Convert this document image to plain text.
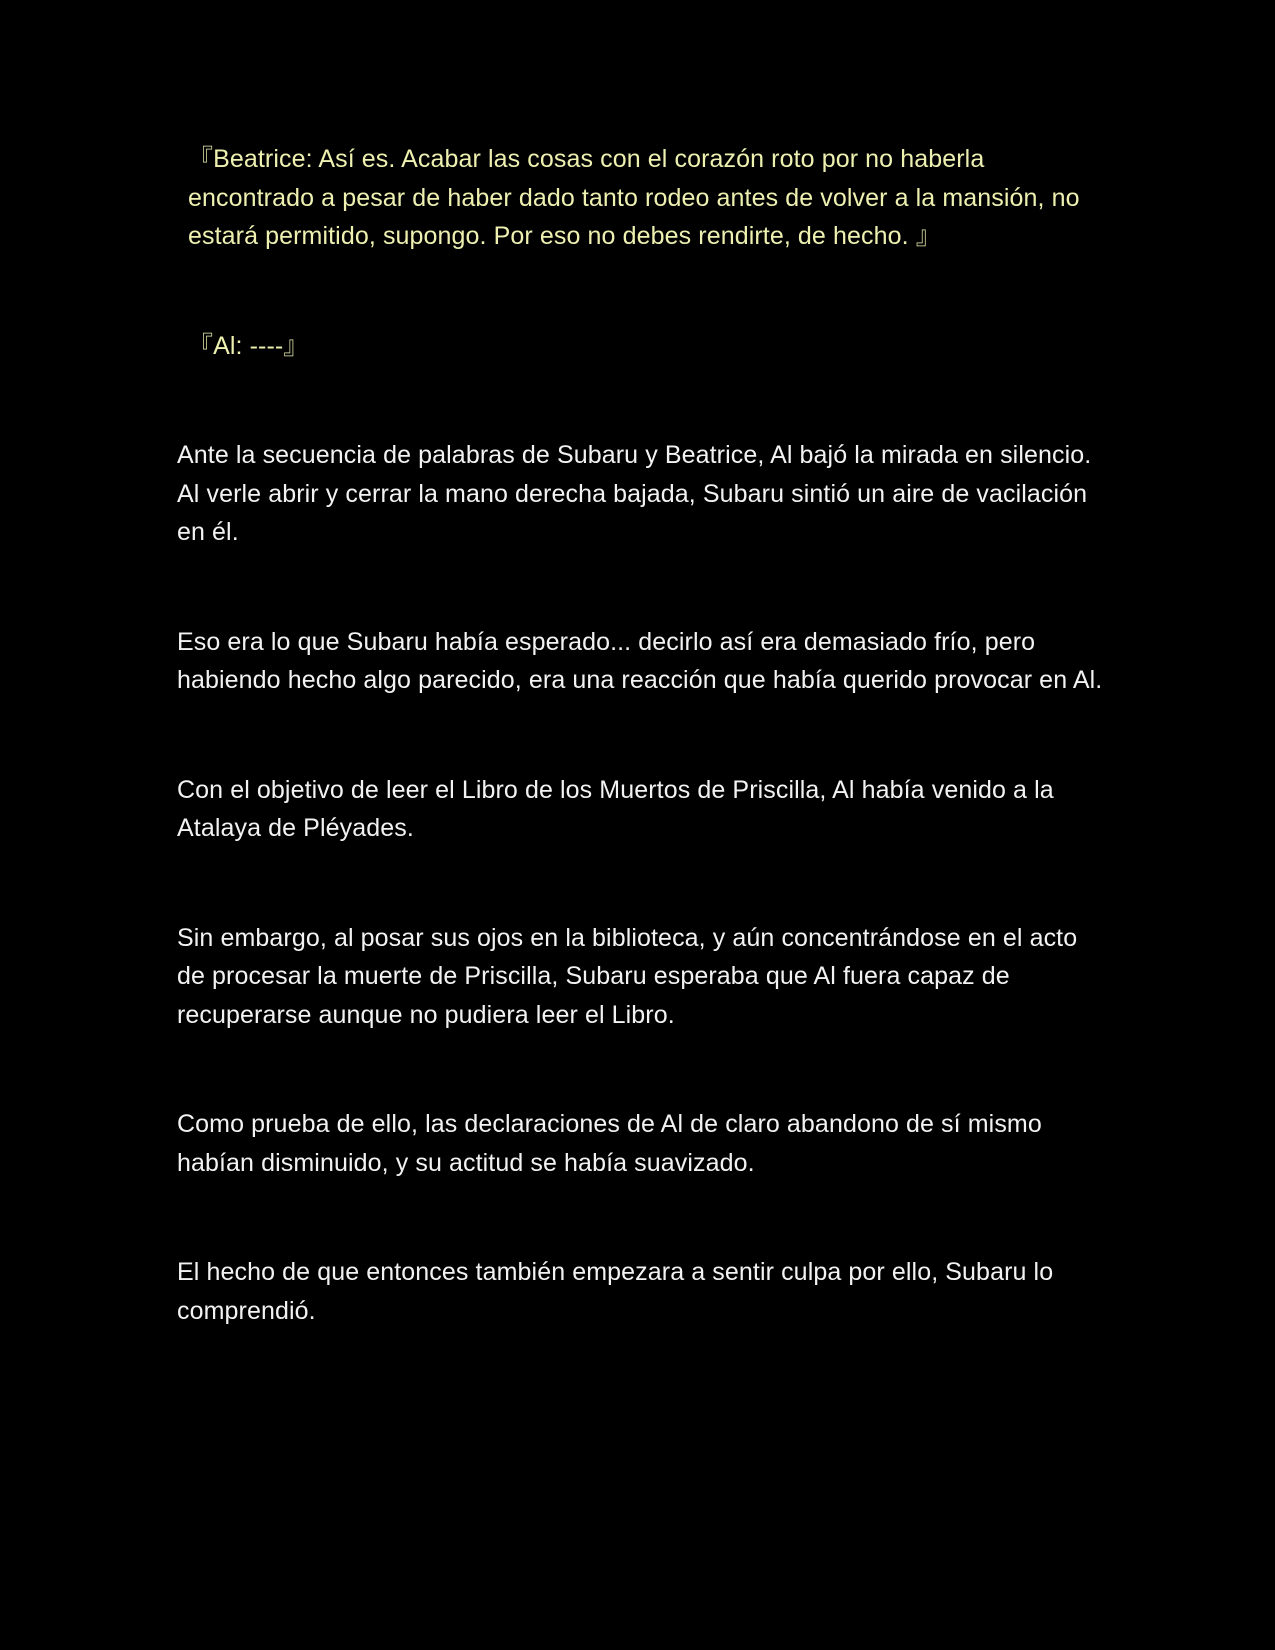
『Beatrice: Así es. Acabar las cosas con el corazón roto por no haberla encontrado a pesar de haber dado tanto rodeo antes de volver a la mansión, no estará permitido, supongo. Por eso no debes rendirte, de hecho. 』

『Al: ----』

Ante la secuencia de palabras de Subaru y Beatrice, Al bajó la mirada en silencio. Al verle abrir y cerrar la mano derecha bajada, Subaru sintió un aire de vacilación en él.

Eso era lo que Subaru había esperado... decirlo así era demasiado frío, pero habiendo hecho algo parecido, era una reacción que había querido provocar en Al.

Con el objetivo de leer el Libro de los Muertos de Priscilla, Al había venido a la Atalaya de Pléyades.

Sin embargo, al posar sus ojos en la biblioteca, y aún concentrándose en el acto de procesar la muerte de Priscilla, Subaru esperaba que Al fuera capaz de recuperarse aunque no pudiera leer el Libro.

Como prueba de ello, las declaraciones de Al de claro abandono de sí mismo habían disminuido, y su actitud se había suavizado.

El hecho de que entonces también empezara a sentir culpa por ello, Subaru lo comprendió.
